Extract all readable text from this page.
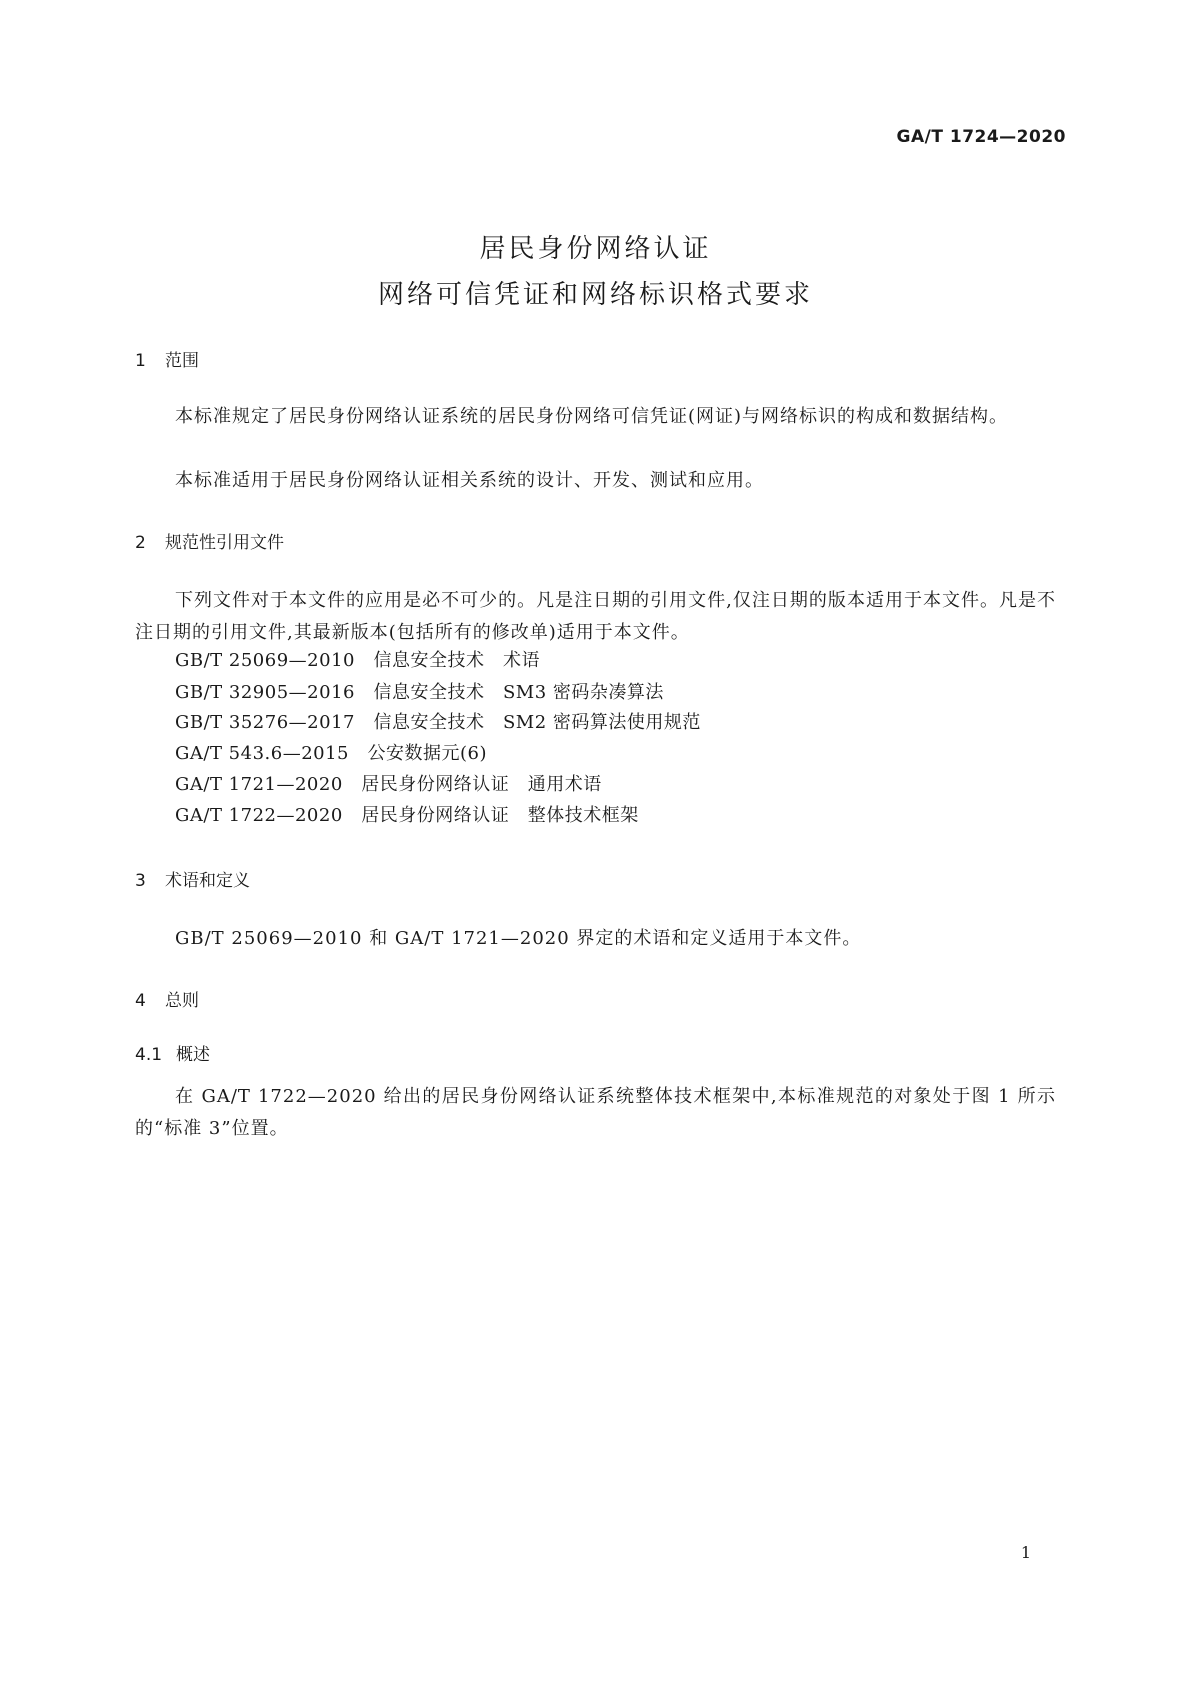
GA/T 1724—2020
居民身份网络认证
网络可信凭证和网络标识格式要求
1 范围
本标准规定了居民身份网络认证系统的居民身份网络可信凭证(网证)与网络标识的构成和数据结构。
本标准适用于居民身份网络认证相关系统的设计、开发、测试和应用。
2 规范性引用文件
下列文件对于本文件的应用是必不可少的。凡是注日期的引用文件,仅注日期的版本适用于本文件。凡是不注日期的引用文件,其最新版本(包括所有的修改单)适用于本文件。
GB/T 25069—2010　信息安全技术　术语
GB/T 32905—2016　信息安全技术　SM3 密码杂凑算法
GB/T 35276—2017　信息安全技术　SM2 密码算法使用规范
GA/T 543.6—2015　公安数据元(6)
GA/T 1721—2020　居民身份网络认证　通用术语
GA/T 1722—2020　居民身份网络认证　整体技术框架
3 术语和定义
GB/T 25069—2010 和 GA/T 1721—2020 界定的术语和定义适用于本文件。
4 总则
4.1 概述
在 GA/T 1722—2020 给出的居民身份网络认证系统整体技术框架中,本标准规范的对象处于图 1 所示的“标准 3”位置。
1
